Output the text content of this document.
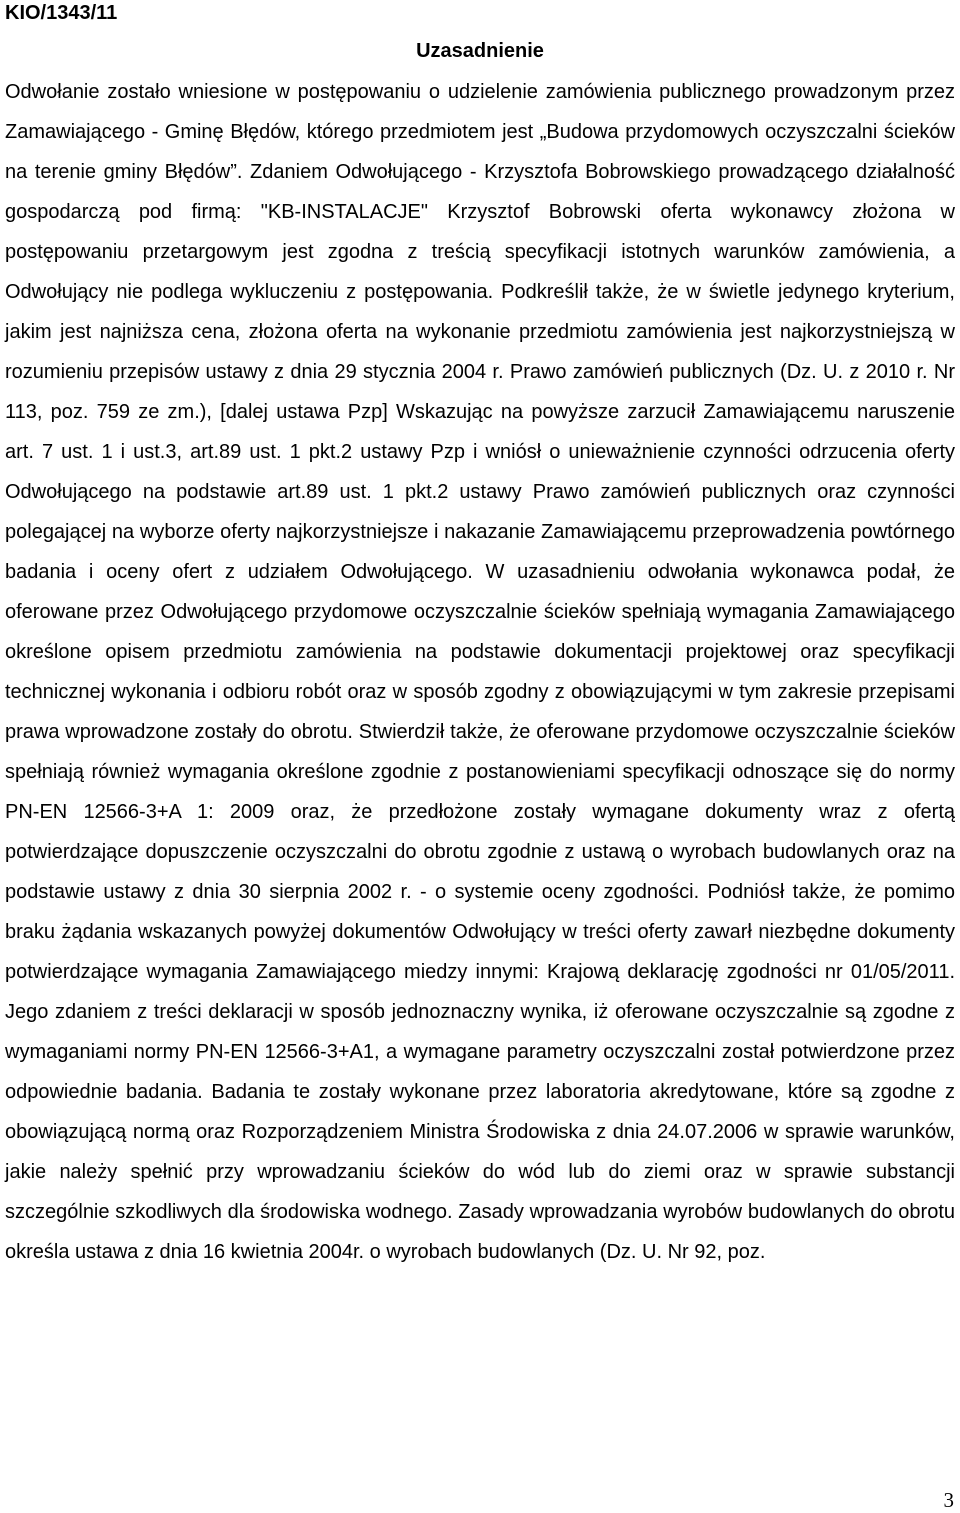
KIO/1343/11

Uzasadnienie

Odwołanie zostało wniesione w postępowaniu o udzielenie zamówienia publicznego prowadzonym przez Zamawiającego - Gminę Błędów, którego przedmiotem jest „Budowa przydomowych oczyszczalni ścieków na terenie gminy Błędów”. Zdaniem Odwołującego - Krzysztofa Bobrowskiego prowadzącego działalność gospodarczą pod firmą: "KB-INSTALACJE" Krzysztof Bobrowski oferta wykonawcy złożona w postępowaniu przetargowym jest zgodna z treścią specyfikacji istotnych warunków zamówienia, a Odwołujący nie podlega wykluczeniu z postępowania. Podkreślił także, że w świetle jedynego kryterium, jakim jest najniższa cena, złożona oferta na wykonanie przedmiotu zamówienia jest najkorzystniejszą w rozumieniu przepisów ustawy z dnia 29 stycznia 2004 r. Prawo zamówień publicznych (Dz. U. z 2010 r. Nr 113, poz. 759 ze zm.), [dalej ustawa Pzp] Wskazując na powyższe zarzucił Zamawiającemu naruszenie art. 7 ust. 1 i ust.3, art.89 ust. 1 pkt.2 ustawy Pzp i wniósł o unieważnienie czynności odrzucenia oferty Odwołującego na podstawie art.89 ust. 1 pkt.2 ustawy Prawo zamówień publicznych oraz czynności polegającej na wyborze oferty najkorzystniejsze i nakazanie Zamawiającemu przeprowadzenia powtórnego badania i oceny ofert z udziałem Odwołującego. W uzasadnieniu odwołania wykonawca podał, że oferowane przez Odwołującego przydomowe oczyszczalnie ścieków spełniają wymagania Zamawiającego określone opisem przedmiotu zamówienia na podstawie dokumentacji projektowej oraz specyfikacji technicznej wykonania i odbioru robót oraz w sposób zgodny z obowiązującymi w tym zakresie przepisami prawa wprowadzone zostały do obrotu. Stwierdził także, że oferowane przydomowe oczyszczalnie ścieków spełniają również wymagania określone zgodnie z postanowieniami specyfikacji odnoszące się do normy PN-EN 12566-3+A 1: 2009 oraz, że przedłożone zostały wymagane dokumenty wraz z ofertą potwierdzające dopuszczenie oczyszczalni do obrotu zgodnie z ustawą o wyrobach budowlanych oraz na podstawie ustawy z dnia 30 sierpnia 2002 r. - o systemie oceny zgodności. Podniósł także, że pomimo braku żądania wskazanych powyżej dokumentów Odwołujący w treści oferty zawarł niezbędne dokumenty potwierdzające wymagania Zamawiającego miedzy innymi: Krajową deklarację zgodności nr 01/05/2011. Jego zdaniem z treści deklaracji w sposób jednoznaczny wynika, iż oferowane oczyszczalnie są zgodne z wymaganiami normy PN-EN 12566-3+A1, a wymagane parametry oczyszczalni został potwierdzone przez odpowiednie badania. Badania te zostały wykonane przez laboratoria akredytowane, które są zgodne z obowiązującą normą oraz Rozporządzeniem Ministra Środowiska z dnia 24.07.2006 w sprawie warunków, jakie należy spełnić przy wprowadzaniu ścieków do wód lub do ziemi oraz w sprawie substancji szczególnie szkodliwych dla środowiska wodnego. Zasady wprowadzania wyrobów budowlanych do obrotu określa ustawa z dnia 16 kwietnia 2004r. o wyrobach budowlanych (Dz. U. Nr 92, poz.

3
